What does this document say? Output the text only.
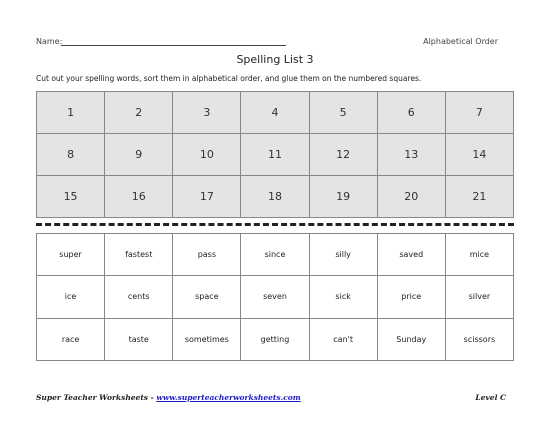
Name:	Alphabetical Order
Spelling List 3
Cut out your spelling words, sort them in alphabetical order, and glue them on the numbered squares.
1	2	3	4	5	6	7
8	9	10	11	12	13	14
15	16	17	18	19	20	21
super	fastest	pass	since	silly	saved	mice
ice	cents	space	seven	sick	price	silver
race	taste	sometimes	getting	can't	Sunday	scissors
Super Teacher Worksheets - www.superteacherworksheets.com	Level C
